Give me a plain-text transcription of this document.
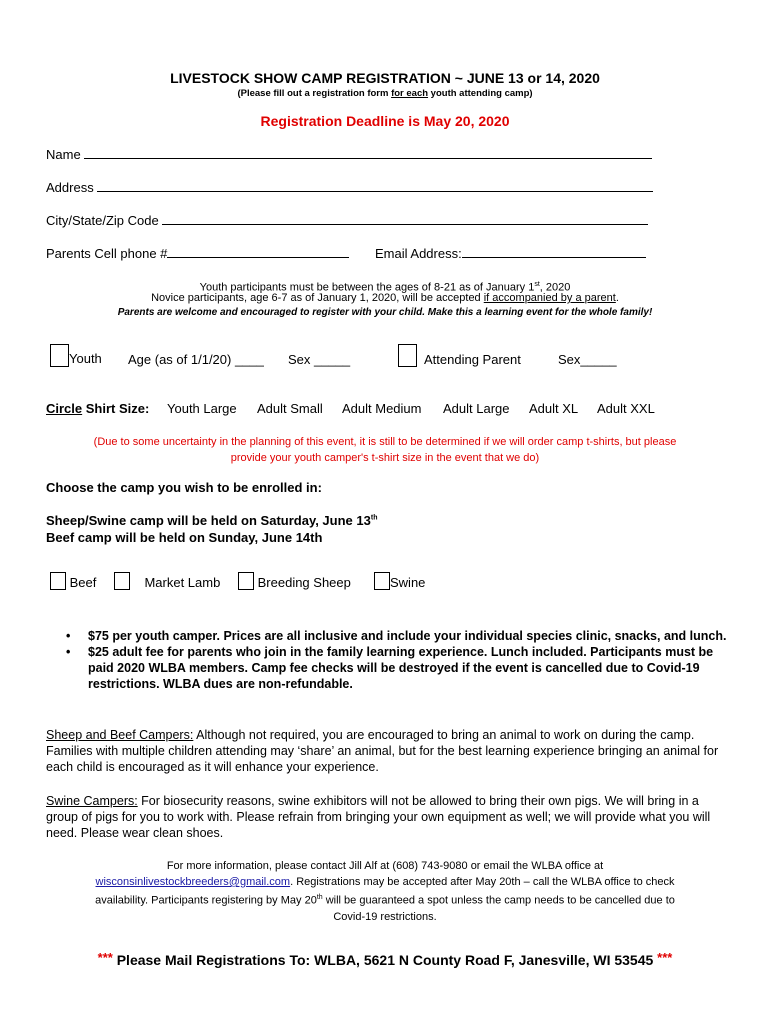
LIVESTOCK SHOW CAMP REGISTRATION ~ JUNE 13 or 14, 2020
(Please fill out a registration form for each youth attending camp)
Registration Deadline is May 20, 2020
Name
Address
City/State/Zip Code
Parents Cell phone #	Email Address:
Youth participants must be between the ages of 8-21 as of January 1st, 2020
Novice participants, age 6-7 as of January 1, 2020, will be accepted if accompanied by a parent.
Parents are welcome and encouraged to register with your child. Make this a learning event for the whole family!
Youth Age (as of 1/1/20) ____ Sex _____	Attending Parent	Sex_____
Circle Shirt Size: Youth Large Adult Small Adult Medium Adult Large Adult XL Adult XXL
(Due to some uncertainty in the planning of this event, it is still to be determined if we will order camp t-shirts, but please
provide your youth camper's t-shirt size in the event that we do)
Choose the camp you wish to be enrolled in:
Sheep/Swine camp will be held on Saturday, June 13th
Beef camp will be held on Sunday, June 14th
Beef	Market Lamb	Breeding Sheep	Swine
• $75 per youth camper. Prices are all inclusive and include your individual species clinic, snacks, and lunch.
• $25 adult fee for parents who join in the family learning experience. Lunch included. Participants must be paid 2020 WLBA members. Camp fee checks will be destroyed if the event is cancelled due to Covid-19 restrictions. WLBA dues are non-refundable.
Sheep and Beef Campers: Although not required, you are encouraged to bring an animal to work on during the camp. Families with multiple children attending may ‘share’ an animal, but for the best learning experience bringing an animal for each child is encouraged as it will enhance your experience.
Swine Campers: For biosecurity reasons, swine exhibitors will not be allowed to bring their own pigs. We will bring in a group of pigs for you to work with. Please refrain from bringing your own equipment as well; we will provide what you will need. Please wear clean shoes.
For more information, please contact Jill Alf at (608) 743-9080 or email the WLBA office at
wisconsinlivestockbreeders@gmail.com. Registrations may be accepted after May 20th – call the WLBA office to check
availability. Participants registering by May 20th will be guaranteed a spot unless the camp needs to be cancelled due to
Covid-19 restrictions.
*** Please Mail Registrations To: WLBA, 5621 N County Road F, Janesville, WI 53545 ***
